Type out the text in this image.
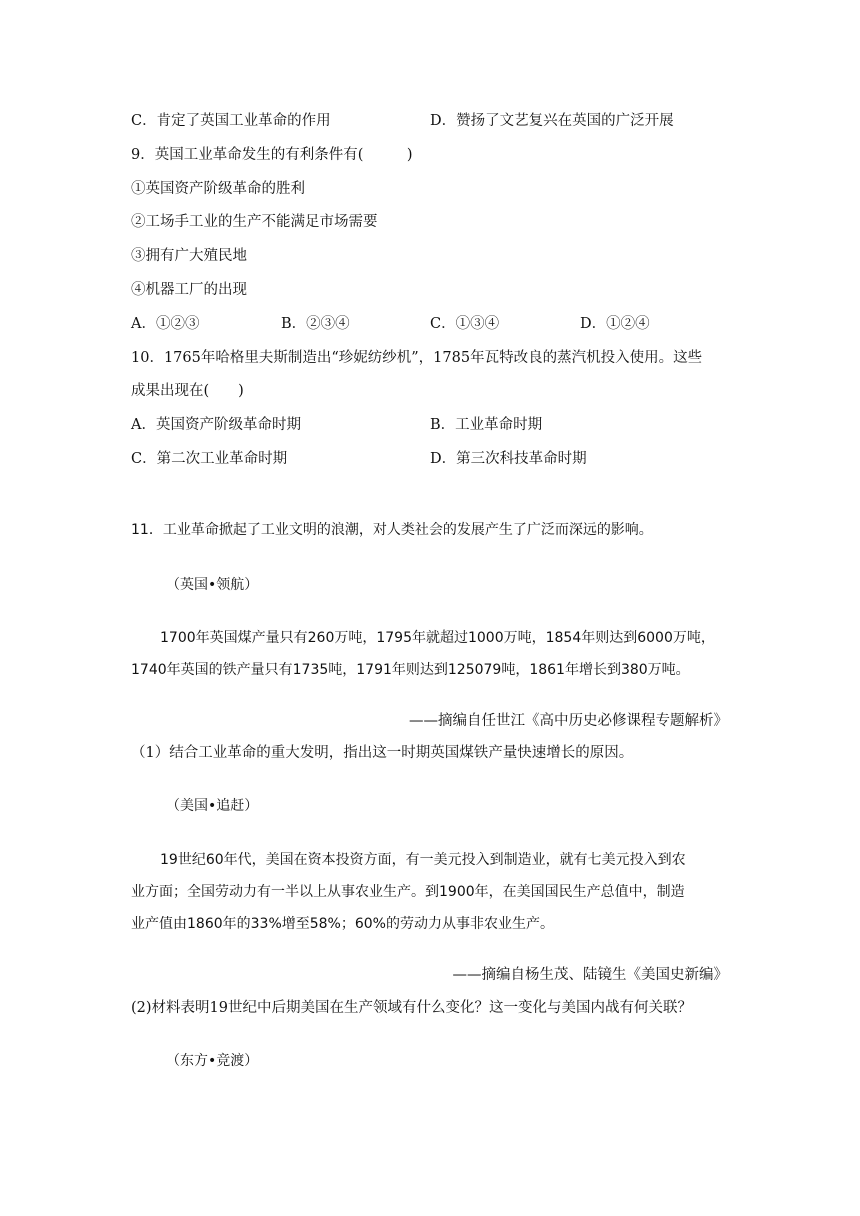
C．肯定了英国工业革命的作用	D．赞扬了文艺复兴在英国的广泛开展
9．英国工业革命发生的有利条件有(　　　)
①英国资产阶级革命的胜利
②工场手工业的生产不能满足市场需要
③拥有广大殖民地
④机器工厂的出现
A．①②③	B．②③④	C．①③④	D．①②④
10．1765年哈格里夫斯制造出“珍妮纺纱机”，1785年瓦特改良的蒸汽机投入使用。这些
成果出现在(　　)
A．英国资产阶级革命时期	B．工业革命时期
C．第二次工业革命时期	D．第三次科技革命时期
11．工业革命掀起了工业文明的浪潮，对人类社会的发展产生了广泛而深远的影响。
（英国•领航）
1700年英国煤产量只有260万吨，1795年就超过1000万吨，1854年则达到6000万吨，
1740年英国的铁产量只有1735吨，1791年则达到125079吨，1861年增长到380万吨。
——摘编自任世江《高中历史必修课程专题解析》
（1）结合工业革命的重大发明，指出这一时期英国煤铁产量快速增长的原因。
（美国•追赶）
19世纪60年代，美国在资本投资方面，有一美元投入到制造业，就有七美元投入到农
业方面；全国劳动力有一半以上从事农业生产。到1900年，在美国国民生产总值中，制造
业产值由1860年的33%增至58%；60%的劳动力从事非农业生产。
——摘编自杨生茂、陆镜生《美国史新编》
(2)材料表明19世纪中后期美国在生产领域有什么变化？这一变化与美国内战有何关联？
（东方•竞渡）
